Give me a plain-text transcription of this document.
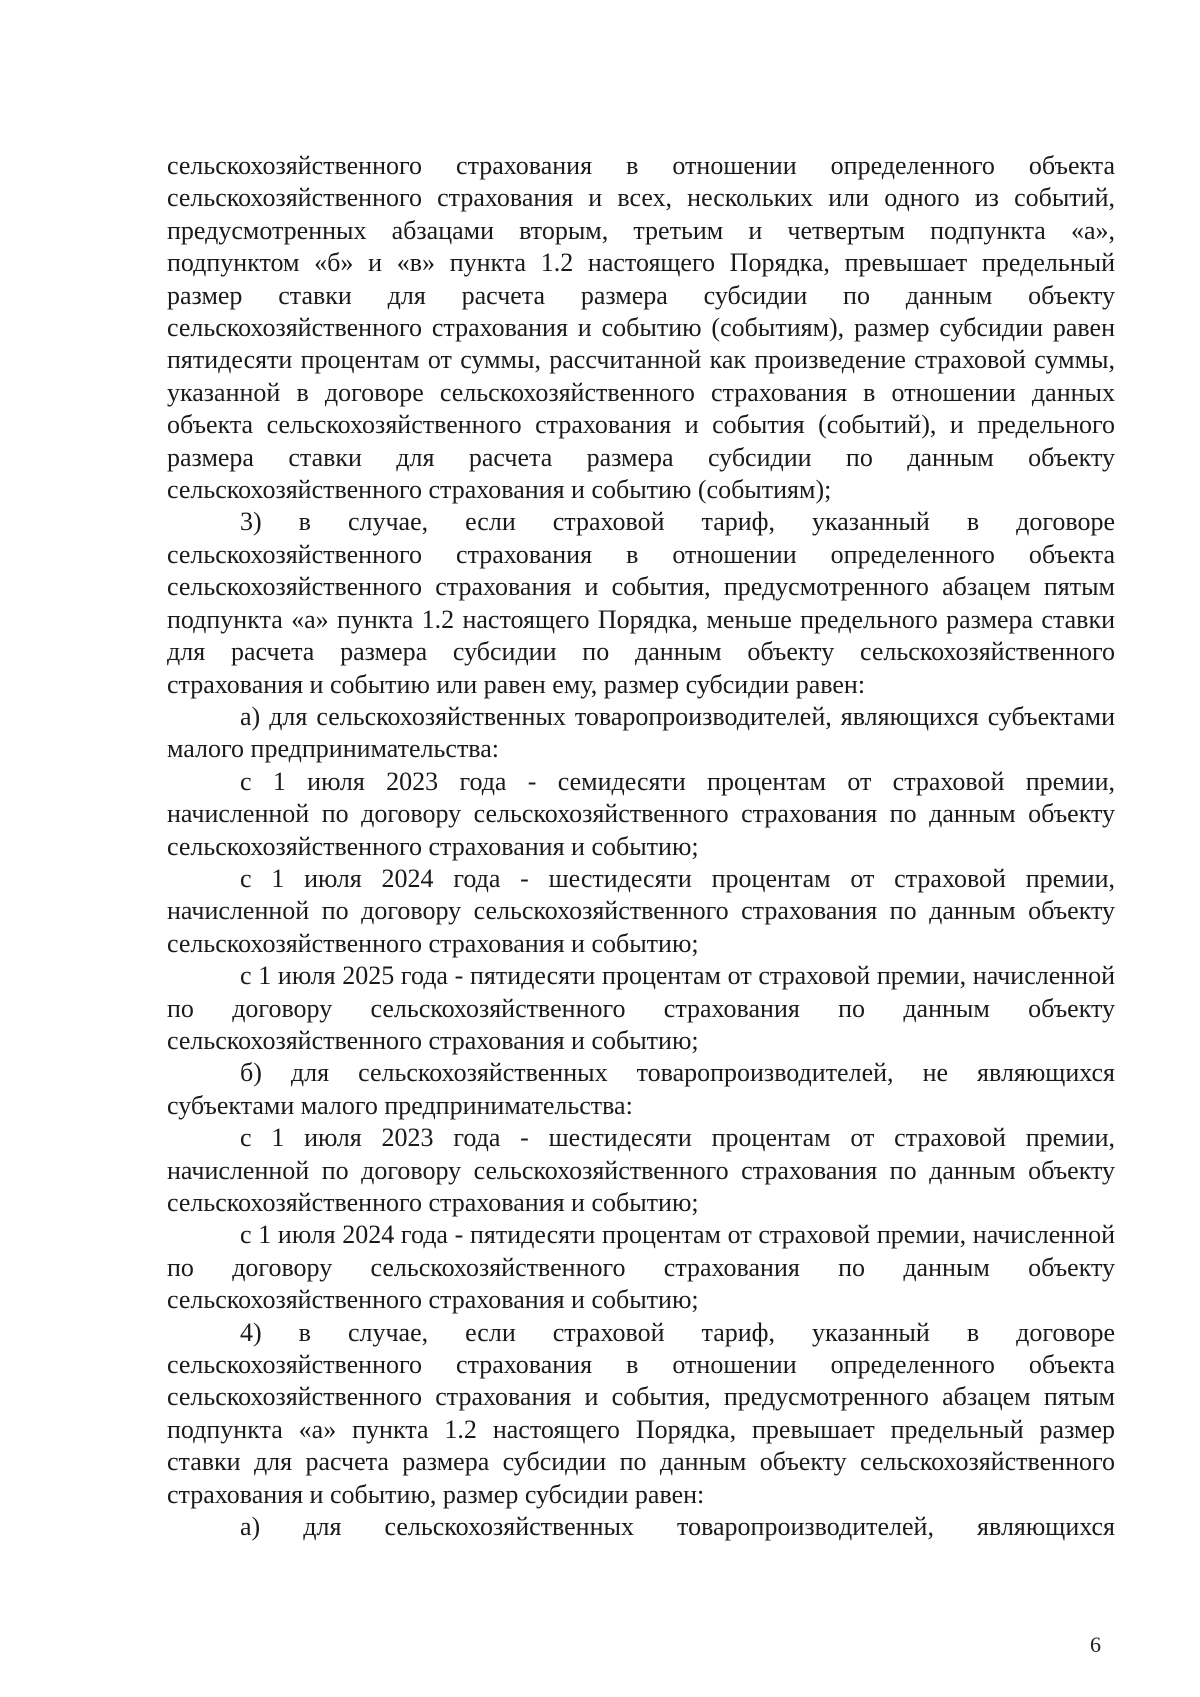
сельскохозяйственного страхования в отношении определенного объекта сельскохозяйственного страхования и всех, нескольких или одного из событий, предусмотренных абзацами вторым, третьим и четвертым подпункта «а», подпунктом «б» и «в» пункта 1.2 настоящего Порядка, превышает предельный размер ставки для расчета размера субсидии по данным объекту сельскохозяйственного страхования и событию (событиям), размер субсидии равен пятидесяти процентам от суммы, рассчитанной как произведение страховой суммы, указанной в договоре сельскохозяйственного страхования в отношении данных объекта сельскохозяйственного страхования и события (событий), и предельного размера ставки для расчета размера субсидии по данным объекту сельскохозяйственного страхования и событию (событиям);

3) в случае, если страховой тариф, указанный в договоре сельскохозяйственного страхования в отношении определенного объекта сельскохозяйственного страхования и события, предусмотренного абзацем пятым подпункта «а» пункта 1.2 настоящего Порядка, меньше предельного размера ставки для расчета размера субсидии по данным объекту сельскохозяйственного страхования и событию или равен ему, размер субсидии равен:

а) для сельскохозяйственных товаропроизводителей, являющихся субъектами малого предпринимательства:

с 1 июля 2023 года - семидесяти процентам от страховой премии, начисленной по договору сельскохозяйственного страхования по данным объекту сельскохозяйственного страхования и событию;

с 1 июля 2024 года - шестидесяти процентам от страховой премии, начисленной по договору сельскохозяйственного страхования по данным объекту сельскохозяйственного страхования и событию;

с 1 июля 2025 года - пятидесяти процентам от страховой премии, начисленной по договору сельскохозяйственного страхования по данным объекту сельскохозяйственного страхования и событию;

б) для сельскохозяйственных товаропроизводителей, не являющихся субъектами малого предпринимательства:

с 1 июля 2023 года - шестидесяти процентам от страховой премии, начисленной по договору сельскохозяйственного страхования по данным объекту сельскохозяйственного страхования и событию;

с 1 июля 2024 года - пятидесяти процентам от страховой премии, начисленной по договору сельскохозяйственного страхования по данным объекту сельскохозяйственного страхования и событию;

4) в случае, если страховой тариф, указанный в договоре сельскохозяйственного страхования в отношении определенного объекта сельскохозяйственного страхования и события, предусмотренного абзацем пятым подпункта «а» пункта 1.2 настоящего Порядка, превышает предельный размер ставки для расчета размера субсидии по данным объекту сельскохозяйственного страхования и событию, размер субсидии равен:

а) для сельскохозяйственных товаропроизводителей, являющихся

6
